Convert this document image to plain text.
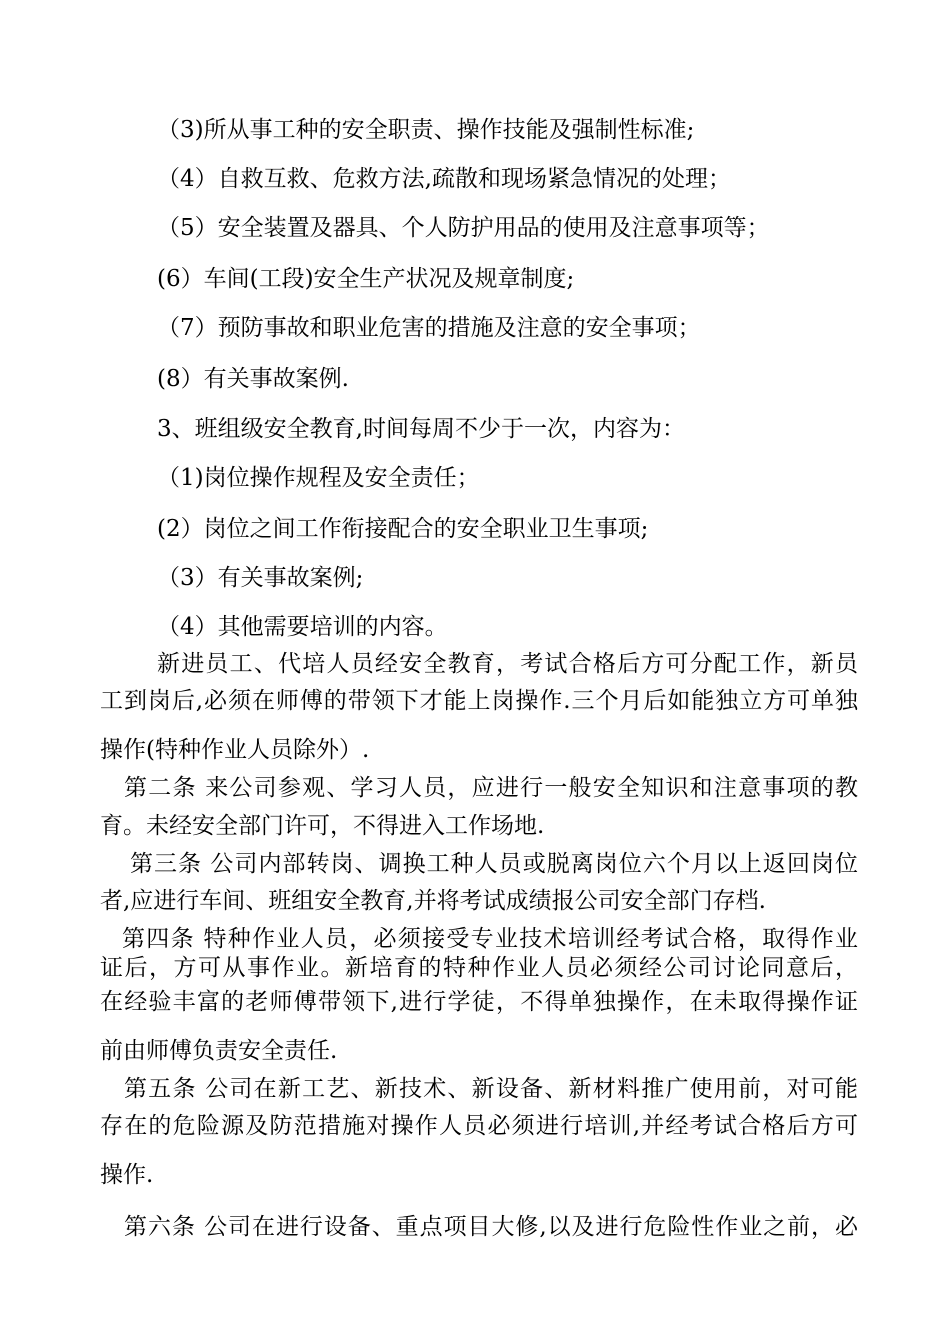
（3)所从事工种的安全职责、操作技能及强制性标准;

（4）自救互救、危救方法,疏散和现场紧急情况的处理；

（5）安全装置及器具、个人防护用品的使用及注意事项等；

(6）车间(工段)安全生产状况及规章制度;

（7）预防事故和职业危害的措施及注意的安全事项；

(8）有关事故案例.

3、班组级安全教育,时间每周不少于一次，内容为：

（1)岗位操作规程及安全责任；

(2）岗位之间工作衔接配合的安全职业卫生事项;

（3）有关事故案例;

（4）其他需要培训的内容。

新进员工、代培人员经安全教育，考试合格后方可分配工作，新员

工到岗后,必须在师傅的带领下才能上岗操作.三个月后如能独立方可单独

操作(特种作业人员除外）.

第二条 来公司参观、学习人员，应进行一般安全知识和注意事项的教

育。未经安全部门许可，不得进入工作场地.

第三条 公司内部转岗、调换工种人员或脱离岗位六个月以上返回岗位

者,应进行车间、班组安全教育,并将考试成绩报公司安全部门存档.

第四条 特种作业人员，必须接受专业技术培训经考试合格，取得作业

证后，方可从事作业。新培育的特种作业人员必须经公司讨论同意后，

在经验丰富的老师傅带领下,进行学徒，不得单独操作，在未取得操作证

前由师傅负责安全责任.

第五条 公司在新工艺、新技术、新设备、新材料推广使用前，对可能

存在的危险源及防范措施对操作人员必须进行培训,并经考试合格后方可

操作.

第六条 公司在进行设备、重点项目大修,以及进行危险性作业之前，必
